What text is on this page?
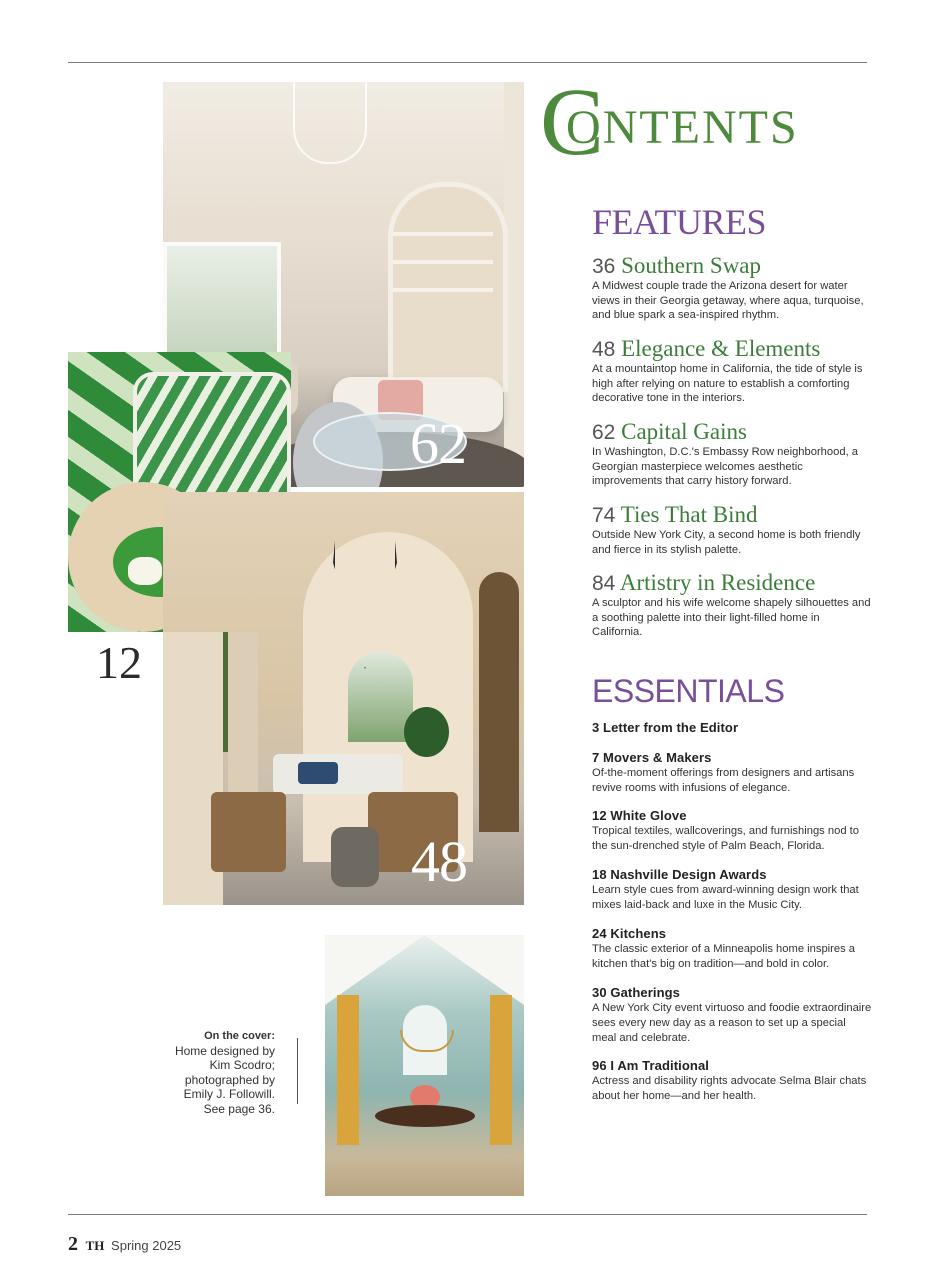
62
12
48
On the cover:
Home designed by
Kim Scodro;
photographed by
Emily J. Followill.
See page 36.
CONTENTS
FEATURES
36 Southern Swap
A Midwest couple trade the Arizona desert for water views in their Georgia getaway, where aqua, turquoise, and blue spark a sea-inspired rhythm.
48 Elegance & Elements
At a mountaintop home in California, the tide of style is high after relying on nature to establish a comforting decorative tone in the interiors.
62 Capital Gains
In Washington, D.C.'s Embassy Row neighborhood, a Georgian masterpiece welcomes aesthetic improvements that carry history forward.
74 Ties That Bind
Outside New York City, a second home is both friendly and fierce in its stylish palette.
84 Artistry in Residence
A sculptor and his wife welcome shapely silhouettes and a soothing palette into their light-filled home in California.
ESSENTIALS
3 Letter from the Editor
7 Movers & Makers
Of-the-moment offerings from designers and artisans revive rooms with infusions of elegance.
12 White Glove
Tropical textiles, wallcoverings, and furnishings nod to the sun-drenched style of Palm Beach, Florida.
18 Nashville Design Awards
Learn style cues from award-winning design work that mixes laid-back and luxe in the Music City.
24 Kitchens
The classic exterior of a Minneapolis home inspires a kitchen that's big on tradition—and bold in color.
30 Gatherings
A New York City event virtuoso and foodie extraordinaire sees every new day as a reason to set up a special meal and celebrate.
96 I Am Traditional
Actress and disability rights advocate Selma Blair chats about her home—and her health.
2 TH Spring 2025
